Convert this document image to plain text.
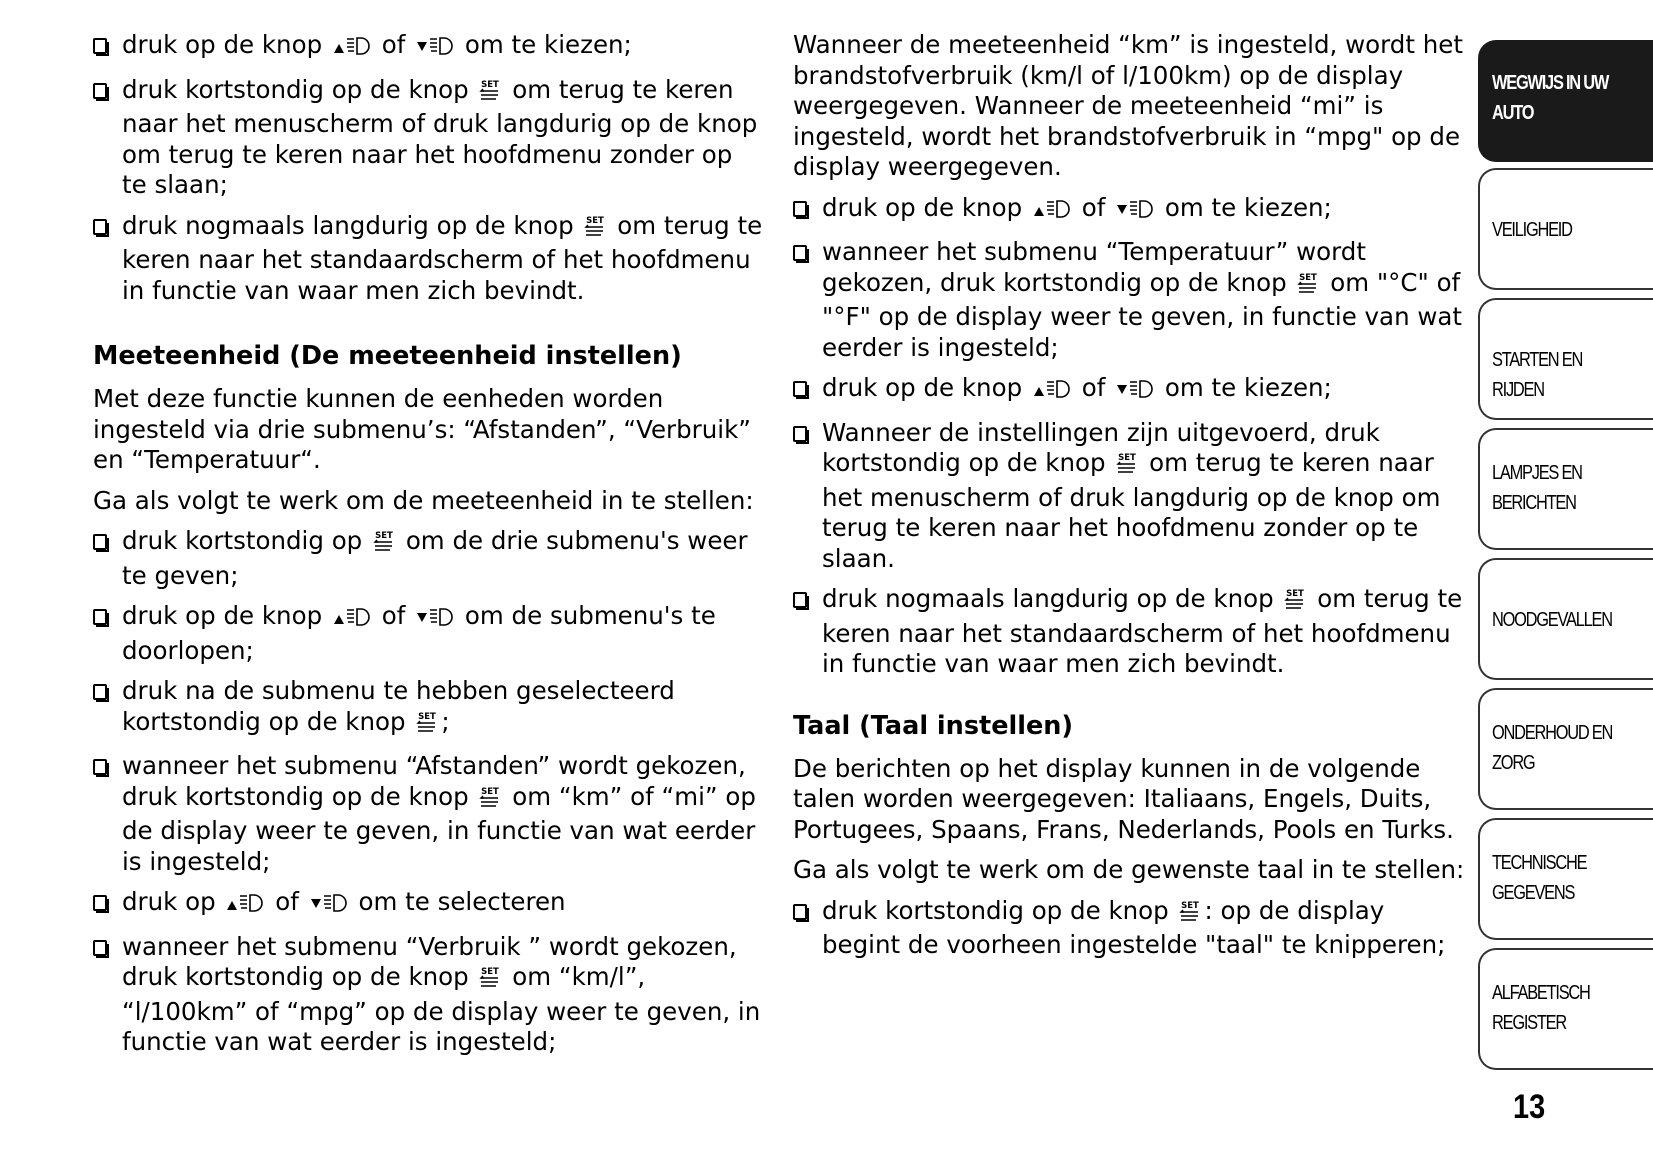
druk op de knop  of  om te kiezen;
druk kortstondig op de knop SET om terug te keren naar het menuscherm of druk langdurig op de knop om terug te keren naar het hoofdmenu zonder op te slaan;
druk nogmaals langdurig op de knop SET om terug te keren naar het standaardscherm of het hoofdmenu in functie van waar men zich bevindt.
Meeteenheid (De meeteenheid instellen)

Met deze functie kunnen de eenheden worden ingesteld via drie submenu’s: “Afstanden”, “Verbruik” en “Temperatuur“.

Ga als volgt te werk om de meeteenheid in te stellen:

druk kortstondig op SET om de drie submenu's weer te geven;
druk op de knop  of  om de submenu's te doorlopen;
druk na de submenu te hebben geselecteerd kortstondig op de knop SET ;
wanneer het submenu “Afstanden” wordt gekozen, druk kortstondig op de knop SET om “km” of “mi” op de display weer te geven, in functie van wat eerder is ingesteld;
druk op  of  om te selecteren
wanneer het submenu “Verbruik ” wordt gekozen, druk kortstondig op de knop SET om “km/l”, “l/100km” of “mpg” op de display weer te geven, in functie van wat eerder is ingesteld;

Wanneer de meeteenheid “km” is ingesteld, wordt het brandstofverbruik (km/l of l/100km) op de display weergegeven. Wanneer de meeteenheid “mi” is ingesteld, wordt het brandstofverbruik in “mpg" op de display weergegeven.

druk op de knop  of  om te kiezen;
wanneer het submenu “Temperatuur” wordt gekozen, druk kortstondig op de knop SET om "°C" of "°F" op de display weer te geven, in functie van wat eerder is ingesteld;
druk op de knop  of  om te kiezen;
Wanneer de instellingen zijn uitgevoerd, druk kortstondig op de knop SET om terug te keren naar het menuscherm of druk langdurig op de knop om terug te keren naar het hoofdmenu zonder op te slaan.
druk nogmaals langdurig op de knop SET om terug te keren naar het standaardscherm of het hoofdmenu in functie van waar men zich bevindt.
Taal (Taal instellen)

De berichten op het display kunnen in de volgende talen worden weergegeven: Italiaans, Engels, Duits, Portugees, Spaans, Frans, Nederlands, Pools en Turks.

Ga als volgt te werk om de gewenste taal in te stellen:

druk kortstondig op de knop SET : op de display begint de voorheen ingestelde "taal" te knipperen;
WEGWIJS IN UW
AUTO
VEILIGHEID
STARTEN EN RIJDEN
LAMPJES EN
BERICHTEN
NOODGEVALLEN
ONDERHOUD EN
ZORG
TECHNISCHE
GEGEVENS
ALFABETISCH
REGISTER
13
